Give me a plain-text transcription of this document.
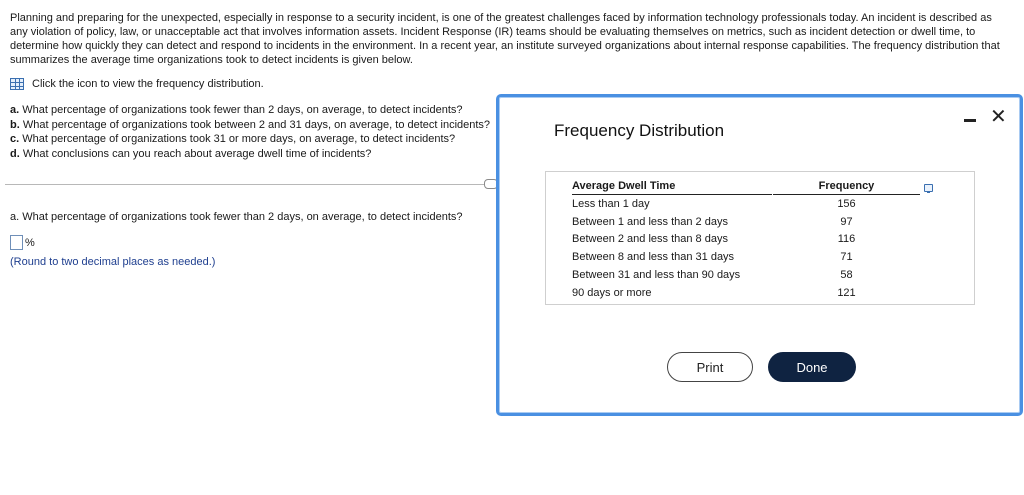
Planning and preparing for the unexpected, especially in response to a security incident, is one of the greatest challenges faced by information technology professionals today. An incident is described as any violation of policy, law, or unacceptable act that involves information assets. Incident Response (IR) teams should be evaluating themselves on metrics, such as incident detection or dwell time, to determine how quickly they can detect and respond to incidents in the environment. In a recent year, an institute surveyed organizations about internal response capabilities. The frequency distribution that summarizes the average time organizations took to detect incidents is given below.
Click the icon to view the frequency distribution.
a. What percentage of organizations took fewer than 2 days, on average, to detect incidents?
b. What percentage of organizations took between 2 and 31 days, on average, to detect incidents?
c. What percentage of organizations took 31 or more days, on average, to detect incidents?
d. What conclusions can you reach about average dwell time of incidents?
a. What percentage of organizations took fewer than 2 days, on average, to detect incidents?
%
(Round to two decimal places as needed.)
Frequency Distribution
✕
Average Dwell Time		Frequency
Less than 1 day		156
Between 1 and less than 2 days		97
Between 2 and less than 8 days		116
Between 8 and less than 31 days		71
Between 31 and less than 90 days		58
90 days or more		121
Print	Done
